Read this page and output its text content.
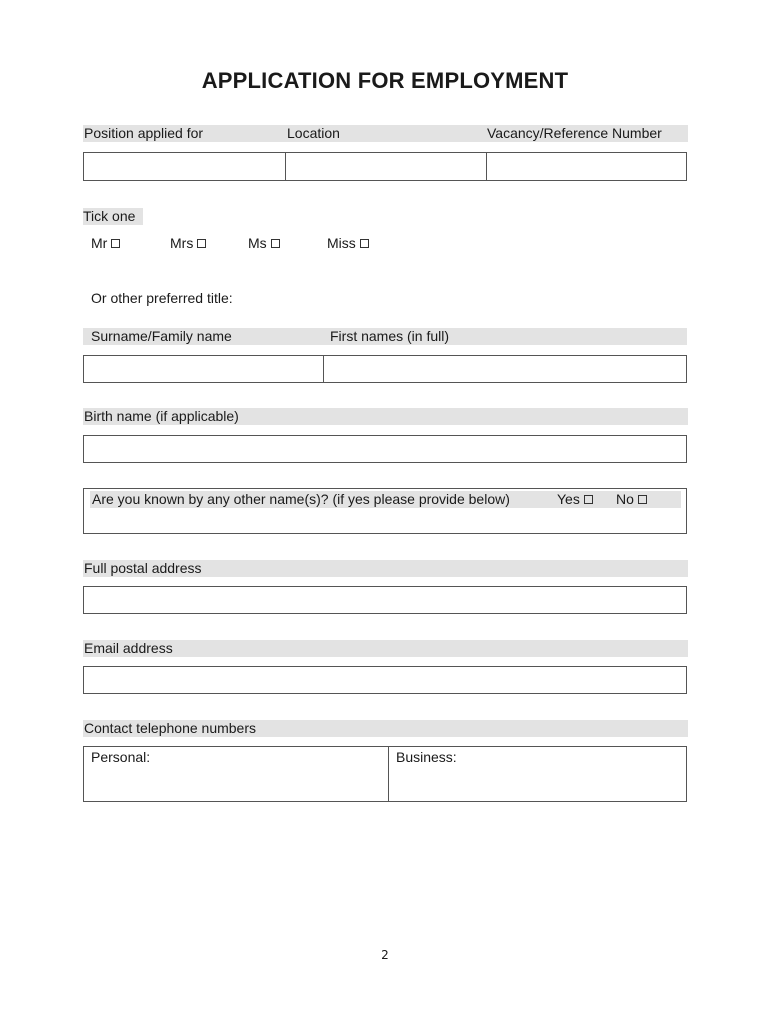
APPLICATION FOR EMPLOYMENT
Position applied for	Location	Vacancy/Reference Number
Tick one
Mr	Mrs	Ms	Miss
Or other preferred title:
Surname/Family name	First names (in full)
Birth name (if applicable)
Are you known by any other name(s)? (if yes please provide below)	Yes	No
Full postal address
Email address
Contact telephone numbers
Personal:	Business:
2
